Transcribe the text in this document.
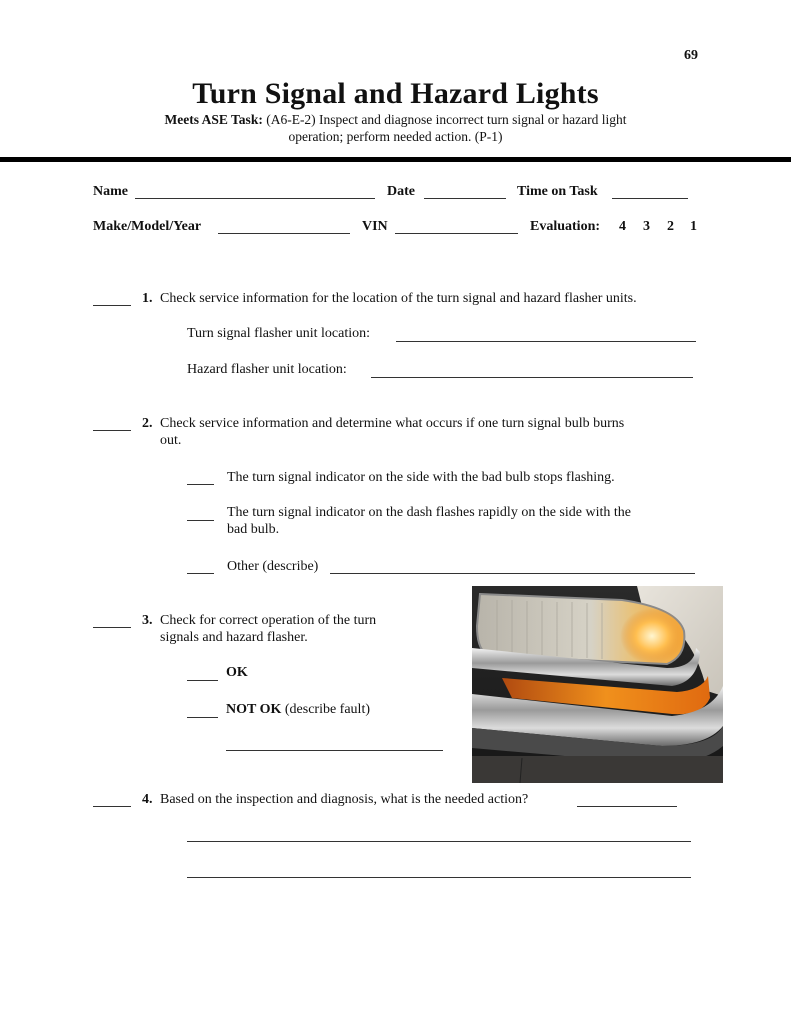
69
Turn Signal and Hazard Lights
Meets ASE Task: (A6-E-2) Inspect and diagnose incorrect turn signal or hazard light
operation; perform needed action. (P-1)
Name	Date	Time on Task
Make/Model/Year	VIN	Evaluation: 4 3 2 1
1. Check service information for the location of the turn signal and hazard flasher units.
Turn signal flasher unit location:
Hazard flasher unit location:
2. Check service information and determine what occurs if one turn signal bulb burns
out.
The turn signal indicator on the side with the bad bulb stops flashing.
The turn signal indicator on the dash flashes rapidly on the side with the
bad bulb.
Other (describe)
3. Check for correct operation of the turn
signals and hazard flasher.
OK
NOT OK (describe fault)
4. Based on the inspection and diagnosis, what is the needed action?
